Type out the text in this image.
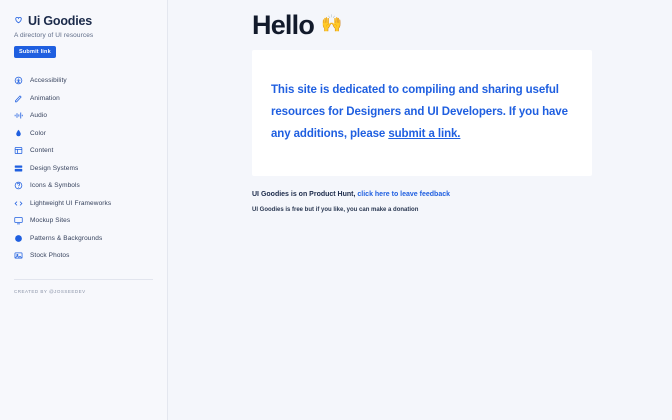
Ui Goodies
A directory of UI resources
Submit link
Accessibility
Animation
Audio
Color
Content
Design Systems
Icons & Symbols
Lightweight UI Frameworks
Mockup Sites
Patterns & Backgrounds
Stock Photos
CREATED BY @JOSSEEDEV
Hello 🙌

This site is dedicated to compiling and sharing useful resources for Designers and UI Developers. If you have any additions, please submit a link.

UI Goodies is on Product Hunt, click here to leave feedback

UI Goodies is free but if you like, you can make a donation
